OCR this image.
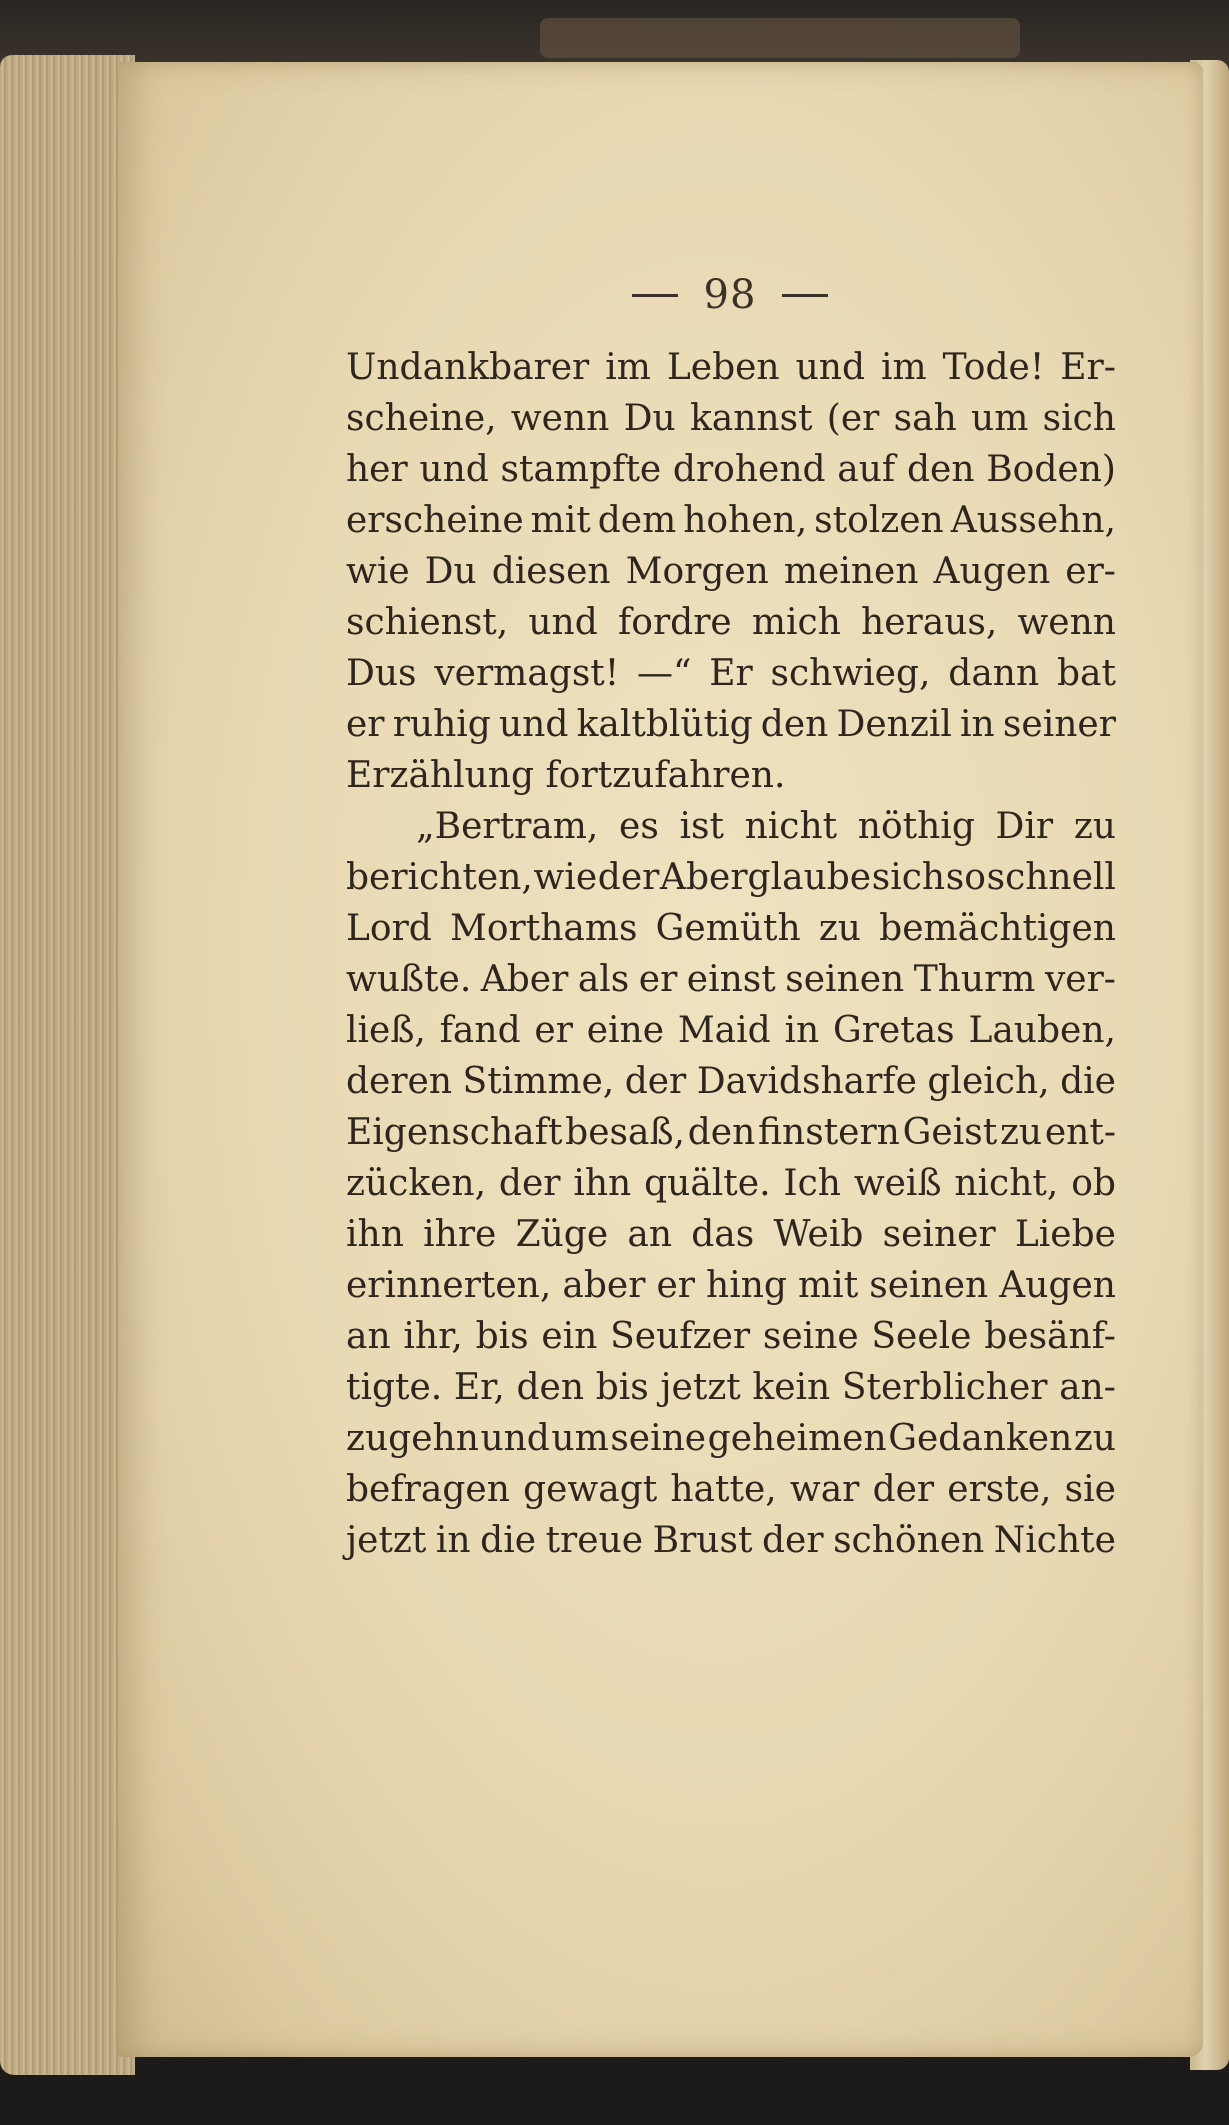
98
Undankbarer im Leben und im Tode! Er-
scheine, wenn Du kannst (er sah um sich
her und stampfte drohend auf den Boden)
erscheine mit dem hohen, stolzen Aussehn,
wie Du diesen Morgen meinen Augen er-
schienst, und fordre mich heraus, wenn
Dus vermagst! —“ Er schwieg, dann bat
er ruhig und kaltblütig den Denzil in seiner
Erzählung fortzufahren.
„Bertram, es ist nicht nöthig Dir zu
berichten, wie der Aberglaube sich so schnell
Lord Morthams Gemüth zu bemächtigen
wußte. Aber als er einst seinen Thurm ver-
ließ, fand er eine Maid in Gretas Lauben,
deren Stimme, der Davidsharfe gleich, die
Eigenschaft besaß, den finstern Geist zu ent-
zücken, der ihn quälte. Ich weiß nicht, ob
ihn ihre Züge an das Weib seiner Liebe
erinnerten, aber er hing mit seinen Augen
an ihr, bis ein Seufzer seine Seele besänf-
tigte. Er, den bis jetzt kein Sterblicher an-
zugehn und um seine geheimen Gedanken zu
befragen gewagt hatte, war der erste, sie
jetzt in die treue Brust der schönen Nichte
